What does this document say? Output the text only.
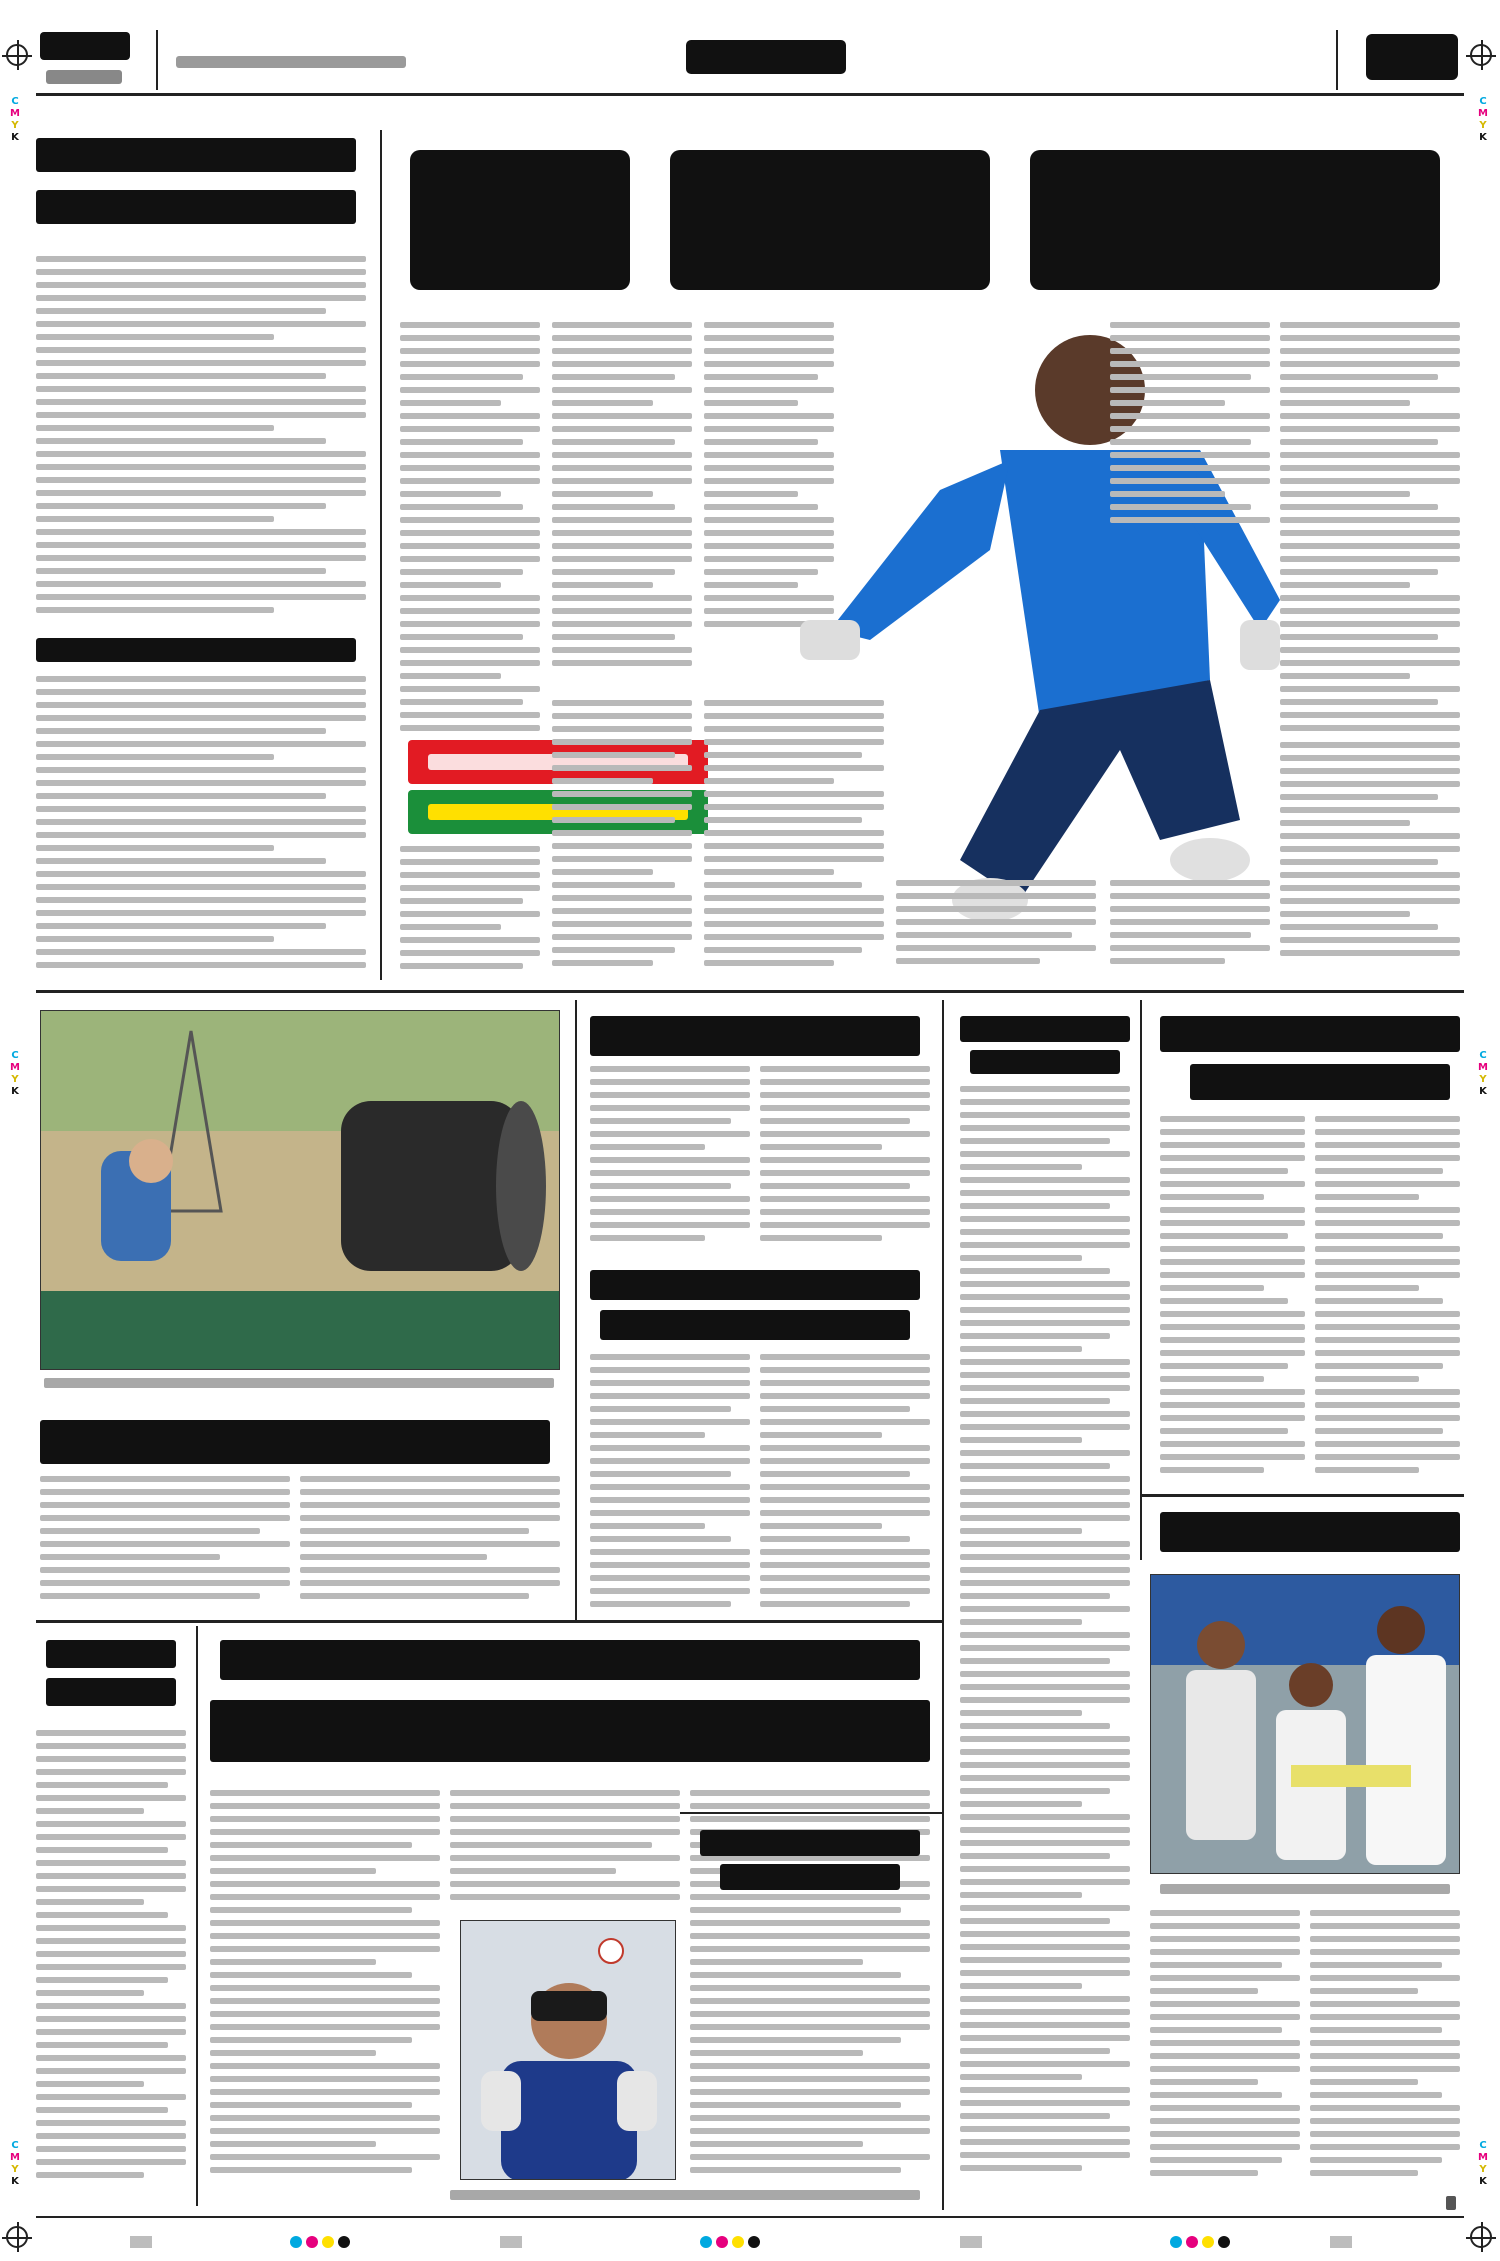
C
M
Y
K
C
M
Y
K
C
M
Y
K
C
M
Y
K
C
M
Y
K
C
M
Y
K
